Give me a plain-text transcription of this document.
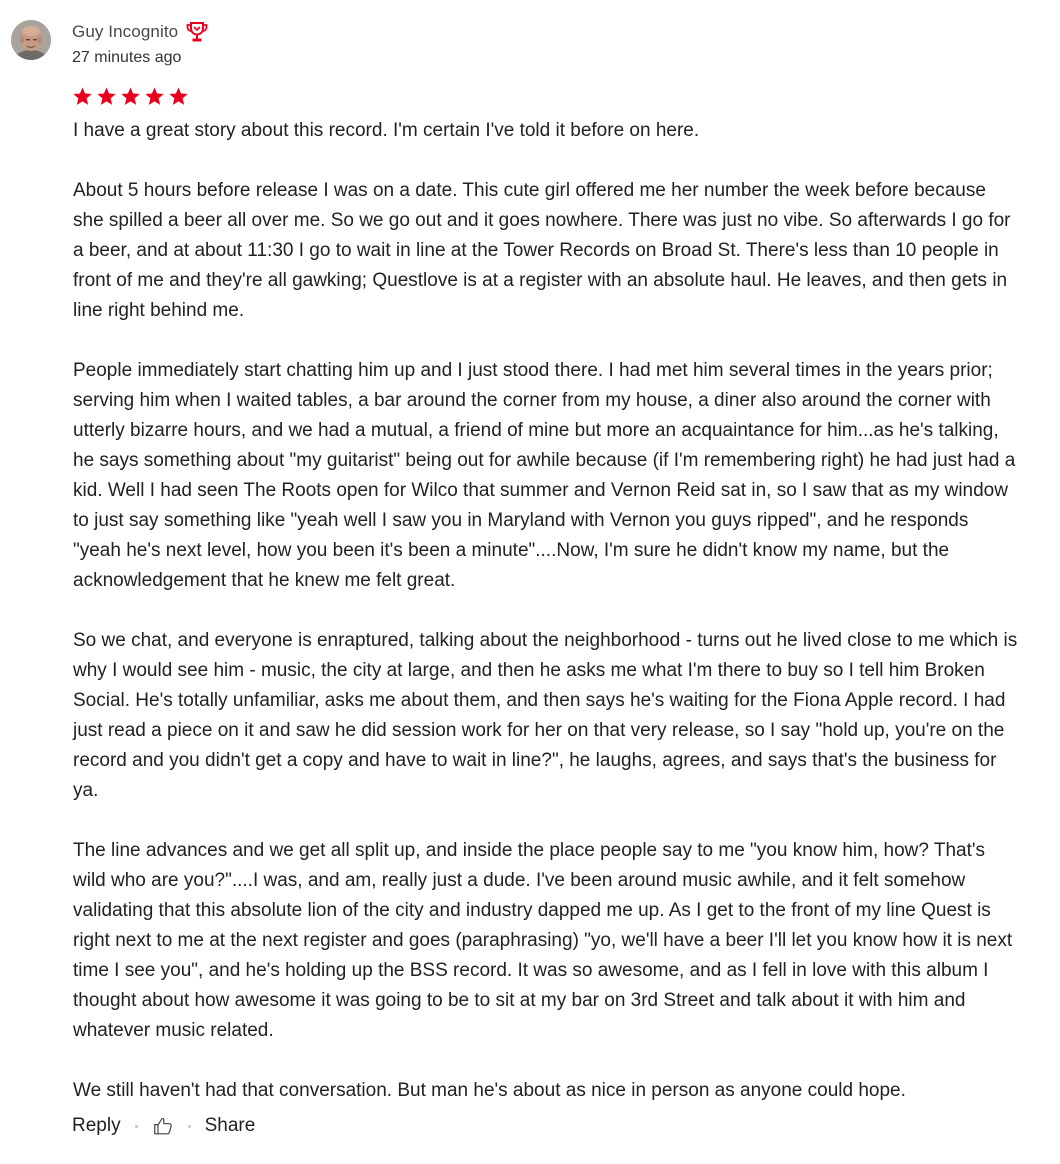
Guy Incognito
27 minutes ago

I have a great story about this record. I'm certain I've told it before on here.

About 5 hours before release I was on a date. This cute girl offered me her number the week before because she spilled a beer all over me. So we go out and it goes nowhere. There was just no vibe. So afterwards I go for a beer, and at about 11:30 I go to wait in line at the Tower Records on Broad St. There's less than 10 people in front of me and they're all gawking; Questlove is at a register with an absolute haul. He leaves, and then gets in line right behind me.

People immediately start chatting him up and I just stood there. I had met him several times in the years prior; serving him when I waited tables, a bar around the corner from my house, a diner also around the corner with utterly bizarre hours, and we had a mutual, a friend of mine but more an acquaintance for him...as he's talking, he says something about "my guitarist" being out for awhile because (if I'm remembering right) he had just had a kid. Well I had seen The Roots open for Wilco that summer and Vernon Reid sat in, so I saw that as my window to just say something like "yeah well I saw you in Maryland with Vernon you guys ripped", and he responds "yeah he's next level, how you been it's been a minute"....Now, I'm sure he didn't know my name, but the acknowledgement that he knew me felt great.

So we chat, and everyone is enraptured, talking about the neighborhood - turns out he lived close to me which is why I would see him - music, the city at large, and then he asks me what I'm there to buy so I tell him Broken Social. He's totally unfamiliar, asks me about them, and then says he's waiting for the Fiona Apple record. I had just read a piece on it and saw he did session work for her on that very release, so I say "hold up, you're on the record and you didn't get a copy and have to wait in line?", he laughs, agrees, and says that's the business for ya.

The line advances and we get all split up, and inside the place people say to me "you know him, how? That's wild who are you?"....I was, and am, really just a dude. I've been around music awhile, and it felt somehow validating that this absolute lion of the city and industry dapped me up. As I get to the front of my line Quest is right next to me at the next register and goes (paraphrasing) "yo, we'll have a beer I'll let you know how it is next time I see you", and he's holding up the BSS record. It was so awesome, and as I fell in love with this album I thought about how awesome it was going to be to sit at my bar on 3rd Street and talk about it with him and whatever music related.

We still haven't had that conversation. But man he's about as nice in person as anyone could hope.

Reply	Share
